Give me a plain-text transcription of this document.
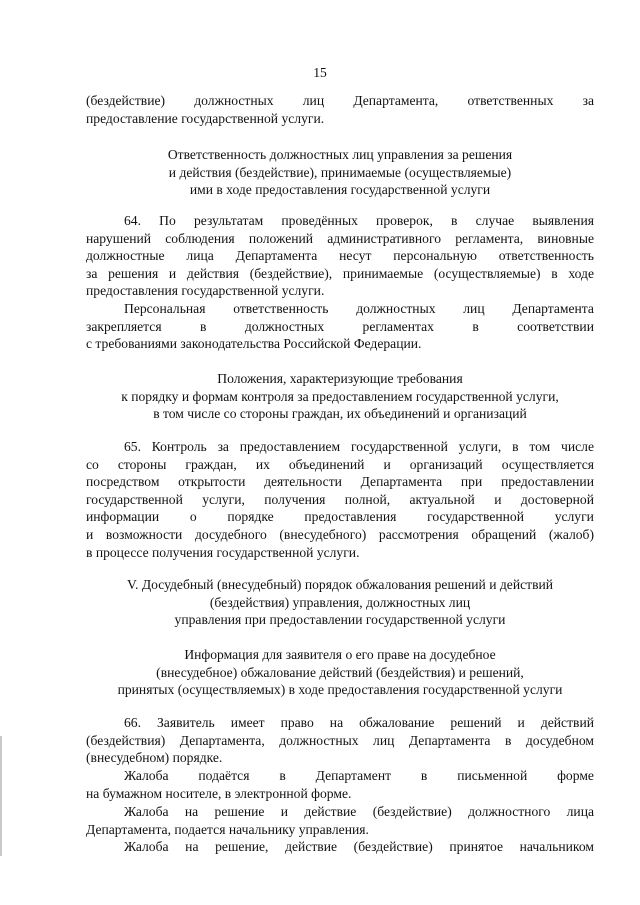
15

(бездействие) должностных лиц Департамента, ответственных за
предоставление государственной услуги.

Ответственность должностных лиц управления за решения
и действия (бездействие), принимаемые (осуществляемые)
ими в ходе предоставления государственной услуги

64. По результатам проведённых проверок, в случае выявления
нарушений соблюдения положений административного регламента, виновные
должностные лица Департамента несут персональную ответственность
за решения и действия (бездействие), принимаемые (осуществляемые) в ходе
предоставления государственной услуги.

Персональная ответственность должностных лиц Департамента
закрепляется	в	должностных	регламентах	в	соответствии
с требованиями законодательства Российской Федерации.

Положения, характеризующие требования
к порядку и формам контроля за предоставлением государственной услуги,
в том числе со стороны граждан, их объединений и организаций

65. Контроль за предоставлением государственной услуги, в том числе
со стороны граждан, их объединений и организаций осуществляется
посредством открытости деятельности Департамента при предоставлении
государственной услуги, получения полной, актуальной и достоверной
информации о порядке предоставления государственной услуги
и возможности досудебного (внесудебного) рассмотрения обращений (жалоб)
в процессе получения государственной услуги.

V. Досудебный (внесудебный) порядок обжалования решений и действий
(бездействия) управления, должностных лиц
управления при предоставлении государственной услуги

Информация для заявителя о его праве на досудебное
(внесудебное) обжалование действий (бездействия) и решений,
принятых (осуществляемых) в ходе предоставления государственной услуги

66. Заявитель имеет право на обжалование решений и действий
(бездействия) Департамента, должностных лиц Департамента в досудебном
(внесудебном) порядке.

Жалоба подаётся в Департамент в письменной форме
на бумажном носителе, в электронной форме.

Жалоба на решение и действие (бездействие) должностного лица
Департамента, подается начальнику управления.

Жалоба на решение, действие (бездействие) принятое начальником
